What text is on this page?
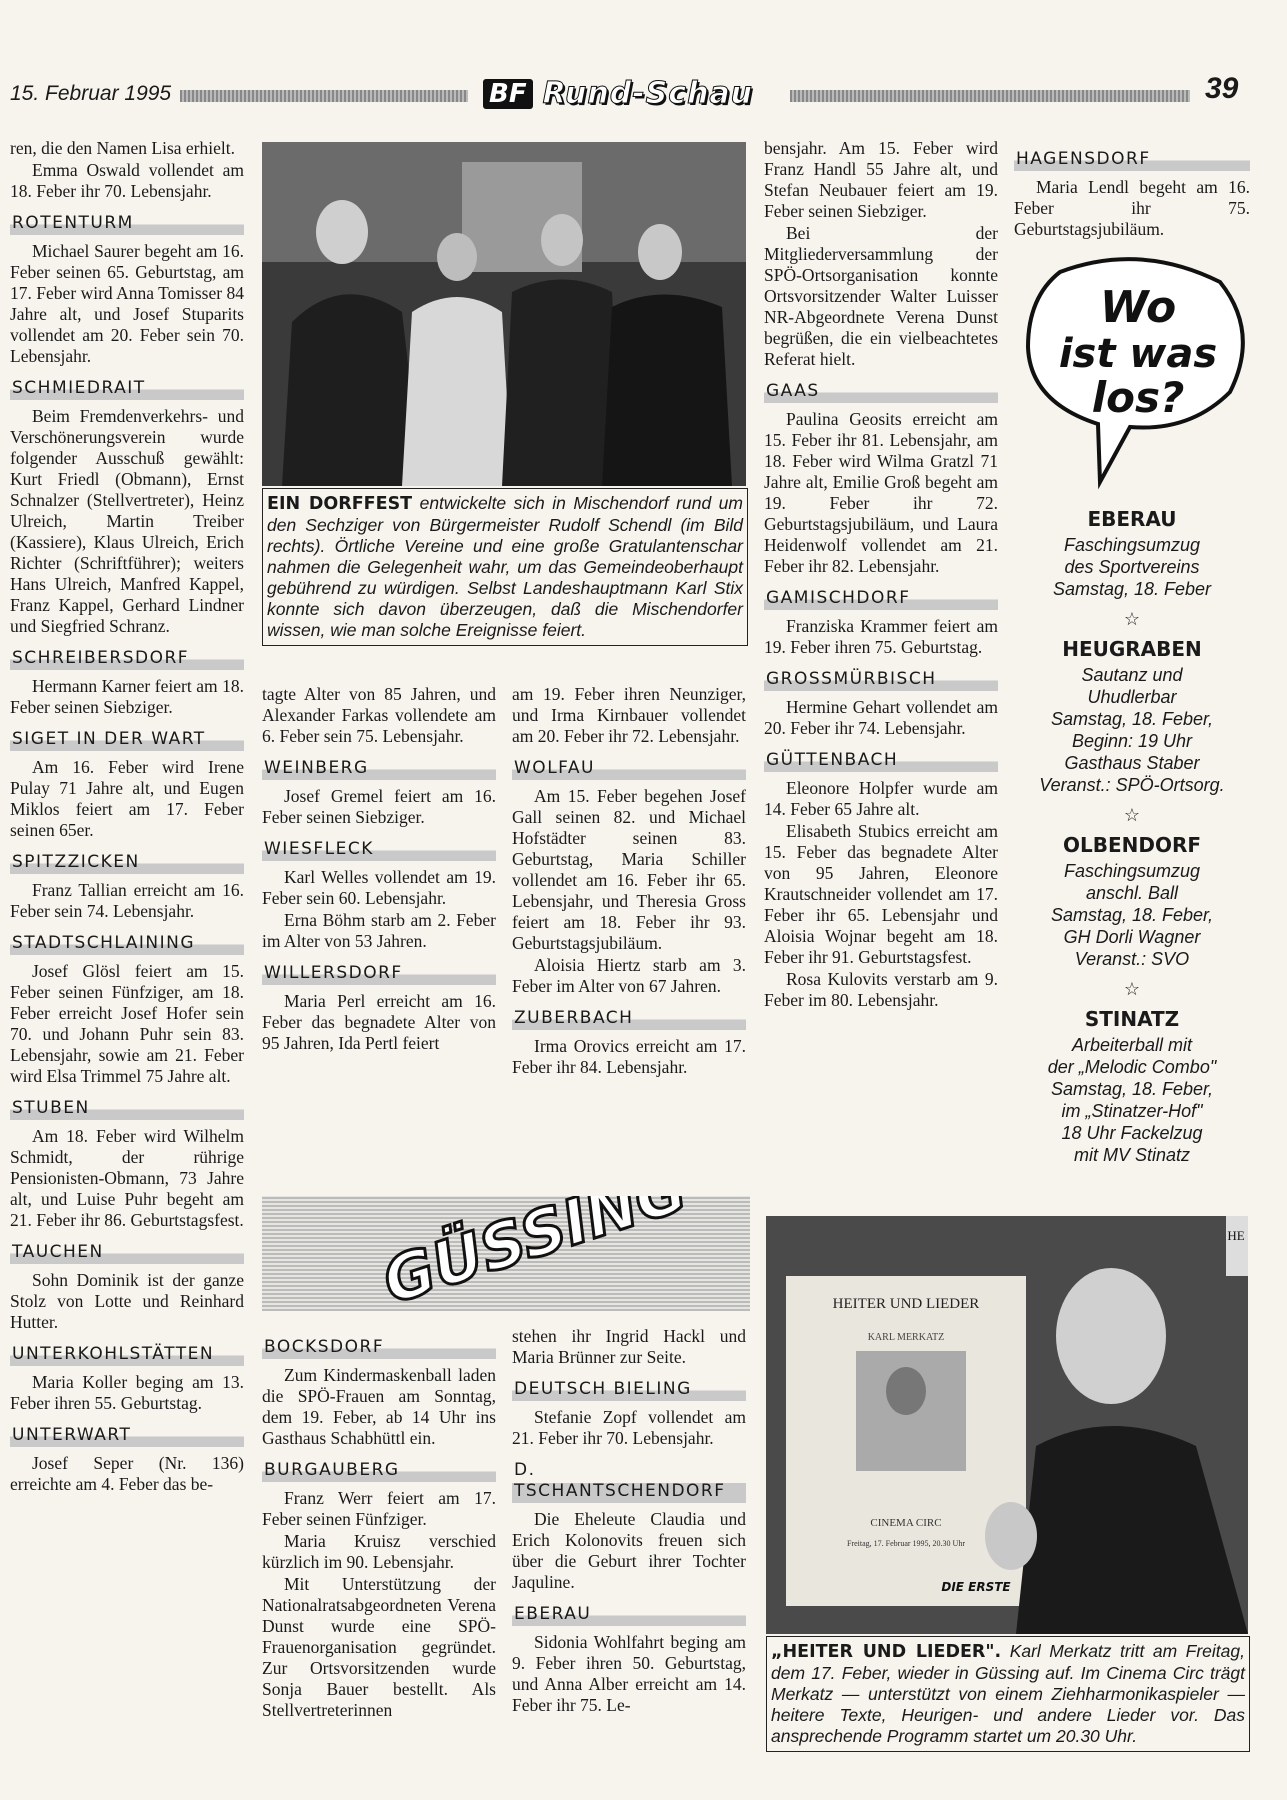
15. Februar 1995	BF Rund-Schau	39

ren, die den Namen Lisa erhielt.

Emma Oswald vollendet am 18. Feber ihr 70. Lebensjahr.

ROTENTURM

Michael Saurer begeht am 16. Feber seinen 65. Geburtstag, am 17. Feber wird Anna Tomisser 84 Jahre alt, und Josef Stuparits vollendet am 20. Feber sein 70. Lebensjahr.

SCHMIEDRAIT

Beim Fremdenverkehrs- und Verschönerungsverein wurde folgender Ausschuß gewählt: Kurt Friedl (Obmann), Ernst Schnalzer (Stellvertreter), Heinz Ulreich, Martin Treiber (Kassiere), Klaus Ulreich, Erich Richter (Schriftführer); weiters Hans Ulreich, Manfred Kappel, Franz Kappel, Gerhard Lindner und Siegfried Schranz.

SCHREIBERSDORF

Hermann Karner feiert am 18. Feber seinen Siebziger.

SIGET IN DER WART

Am 16. Feber wird Irene Pulay 71 Jahre alt, und Eugen Miklos feiert am 17. Feber seinen 65er.

SPITZZICKEN

Franz Tallian erreicht am 16. Feber sein 74. Lebensjahr.

STADTSCHLAINING

Josef Glösl feiert am 15. Feber seinen Fünfziger, am 18. Feber erreicht Josef Hofer sein 70. und Johann Puhr sein 83. Lebensjahr, sowie am 21. Feber wird Elsa Trimmel 75 Jahre alt.

STUBEN

Am 18. Feber wird Wilhelm Schmidt, der rührige Pensionisten-Obmann, 73 Jahre alt, und Luise Puhr begeht am 21. Feber ihr 86. Geburtstagsfest.

TAUCHEN

Sohn Dominik ist der ganze Stolz von Lotte und Reinhard Hutter.

UNTERKOHLSTÄTTEN

Maria Koller beging am 13. Feber ihren 55. Geburtstag.

UNTERWART

Josef Seper (Nr. 136) erreichte am 4. Feber das be-

EIN DORFFEST entwickelte sich in Mischendorf rund um den Sechziger von Bürgermeister Rudolf Schendl (im Bild rechts). Örtliche Vereine und eine große Gratulantenschar nahmen die Gelegenheit wahr, um das Gemeindeoberhaupt gebührend zu würdigen. Selbst Landeshauptmann Karl Stix konnte sich davon überzeugen, daß die Mischendorfer wissen, wie man solche Ereignisse feiert.

tagte Alter von 85 Jahren, und Alexander Farkas vollendete am 6. Feber sein 75. Lebensjahr.

WEINBERG

Josef Gremel feiert am 16. Feber seinen Siebziger.

WIESFLECK

Karl Welles vollendet am 19. Feber sein 60. Lebensjahr.

Erna Böhm starb am 2. Feber im Alter von 53 Jahren.

WILLERSDORF

Maria Perl erreicht am 16. Feber das begnadete Alter von 95 Jahren, Ida Pertl feiert

am 19. Feber ihren Neunziger, und Irma Kirnbauer vollendet am 20. Feber ihr 72. Lebensjahr.

WOLFAU

Am 15. Feber begehen Josef Gall seinen 82. und Michael Hofstädter seinen 83. Geburtstag, Maria Schiller vollendet am 16. Feber ihr 65. Lebensjahr, und Theresia Gross feiert am 18. Feber ihr 93. Geburtstagsjubiläum.

Aloisia Hiertz starb am 3. Feber im Alter von 67 Jahren.

ZUBERBACH

Irma Orovics erreicht am 17. Feber ihr 84. Lebensjahr.

bensjahr. Am 15. Feber wird Franz Handl 55 Jahre alt, und Stefan Neubauer feiert am 19. Feber seinen Siebziger.

Bei der Mitgliederversammlung der SPÖ-Ortsorganisation konnte Ortsvorsitzender Walter Luisser NR-Abgeordnete Verena Dunst begrüßen, die ein vielbeachtetes Referat hielt.

GAAS

Paulina Geosits erreicht am 15. Feber ihr 81. Lebensjahr, am 18. Feber wird Wilma Gratzl 71 Jahre alt, Emilie Groß begeht am 19. Feber ihr 72. Geburtstagsjubiläum, und Laura Heidenwolf vollendet am 21. Feber ihr 82. Lebensjahr.

GAMISCHDORF

Franziska Krammer feiert am 19. Feber ihren 75. Geburtstag.

GROSSMÜRBISCH

Hermine Gehart vollendet am 20. Feber ihr 74. Lebensjahr.

GÜTTENBACH

Eleonore Holpfer wurde am 14. Feber 65 Jahre alt.

Elisabeth Stubics erreicht am 15. Feber das begnadete Alter von 95 Jahren, Eleonore Krautschneider vollendet am 17. Feber ihr 65. Lebensjahr und Aloisia Wojnar begeht am 18. Feber ihr 91. Geburtstagsfest.

Rosa Kulovits verstarb am 9. Feber im 80. Lebensjahr.

HAGENSDORF

Maria Lendl begeht am 16. Feber ihr 75. Geburtstagsjubiläum.

Wo
ist was
los?
EBERAU
Faschingsumzug
des Sportvereins
Samstag, 18. Feber
☆
HEUGRABEN
Sautanz und
Uhudlerbar
Samstag, 18. Feber,
Beginn: 19 Uhr
Gasthaus Staber
Veranst.: SPÖ-Ortsorg.
☆
OLBENDORF
Faschingsumzug
anschl. Ball
Samstag, 18. Feber,
GH Dorli Wagner
Veranst.: SVO
☆
STINATZ
Arbeiterball mit
der „Melodic Combo"
Samstag, 18. Feber,
im „Stinatzer-Hof"
18 Uhr Fackelzug
mit MV Stinatz
GÜSSING
BOCKSDORF

Zum Kindermaskenball laden die SPÖ-Frauen am Sonntag, dem 19. Feber, ab 14 Uhr ins Gasthaus Schabhüttl ein.

BURGAUBERG

Franz Werr feiert am 17. Feber seinen Fünfziger.

Maria Kruisz verschied kürzlich im 90. Lebensjahr.

Mit Unterstützung der Nationalratsabgeordneten Verena Dunst wurde eine SPÖ-Frauenorganisation gegründet. Zur Ortsvorsitzenden wurde Sonja Bauer bestellt. Als Stellvertreterinnen

stehen ihr Ingrid Hackl und Maria Brünner zur Seite.

DEUTSCH BIELING

Stefanie Zopf vollendet am 21. Feber ihr 70. Lebensjahr.

D. TSCHANTSCHENDORF

Die Eheleute Claudia und Erich Kolonovits freuen sich über die Geburt ihrer Tochter Jaquline.

EBERAU

Sidonia Wohlfahrt beging am 9. Feber ihren 50. Geburtstag, und Anna Alber erreicht am 14. Feber ihr 75. Le-

HE
HEITER UND LIEDER
KARL MERKATZ
CINEMA CIRC
Freitag, 17. Februar 1995, 20.30 Uhr
DIE ERSTE
„HEITER UND LIEDER". Karl Merkatz tritt am Freitag, dem 17. Feber, wieder in Güssing auf. Im Cinema Circ trägt Merkatz — unterstützt von einem Ziehharmonikaspieler — heitere Texte, Heurigen- und andere Lieder vor. Das ansprechende Programm startet um 20.30 Uhr.
